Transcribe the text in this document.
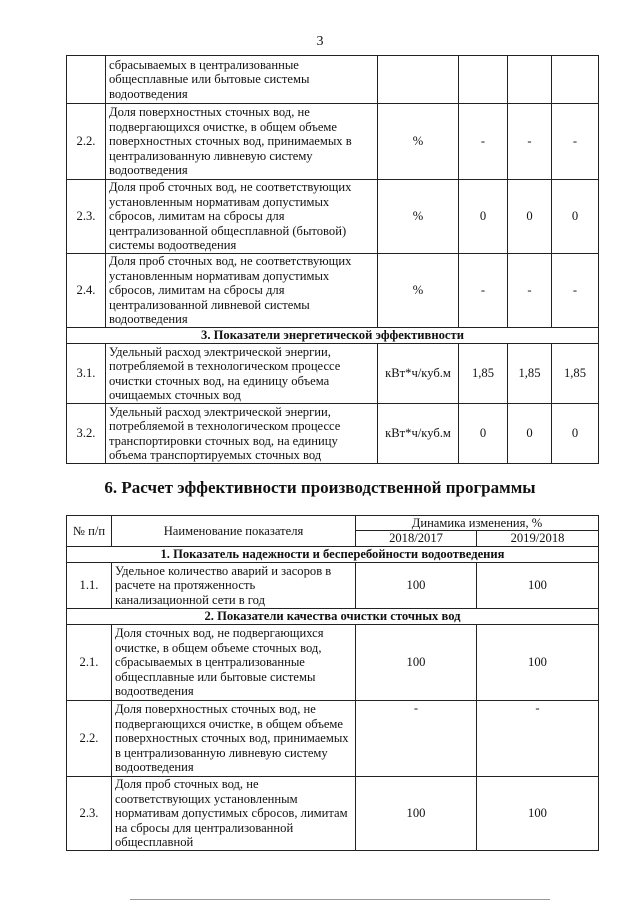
3
	сбрасываемых в централизованные общесплавные или бытовые системы водоотведения				
2.2.	Доля поверхностных сточных вод, не подвергающихся очистке, в общем объеме поверхностных сточных вод, принимаемых в централизованную ливневую систему водоотведения	%	-	-	-
2.3.	Доля проб сточных вод, не соответствующих установленным нормативам допустимых сбросов, лимитам на сбросы для централизованной общесплавной (бытовой) системы водоотведения	%	0	0	0
2.4.	Доля проб сточных вод, не соответствующих установленным нормативам допустимых сбросов, лимитам на сбросы для централизованной ливневой системы водоотведения	%	-	-	-
3. Показатели энергетической эффективности					
3.1.	Удельный расход электрической энергии, потребляемой в технологическом процессе очистки сточных вод, на единицу объема очищаемых сточных вод	кВт*ч/куб.м	1,85	1,85	1,85
3.2.	Удельный расход электрической энергии, потребляемой в технологическом процессе транспортировки сточных вод, на единицу объема транспортируемых сточных вод	кВт*ч/куб.м	0	0	0
6. Расчет эффективности производственной программы
№ п/п	Наименование показателя	Динамика изменения, %	
		2018/2017	2019/2018
1. Показатель надежности и бесперебойности водоотведения			
1.1.	Удельное количество аварий и засоров в расчете на протяженность канализационной сети в год	100	100
2. Показатели качества очистки сточных вод			
2.1.	Доля сточных вод, не подвергающихся очистке, в общем объеме сточных вод, сбрасываемых в централизованные общесплавные или бытовые системы водоотведения	100	100
2.2.	Доля поверхностных сточных вод, не подвергающихся очистке, в общем объеме поверхностных сточных вод, принимаемых в централизованную ливневую систему водоотведения	-	-
2.3.	Доля проб сточных вод, не соответствующих установленным нормативам допустимых сбросов, лимитам на сбросы для централизованной общесплавной	100	100
